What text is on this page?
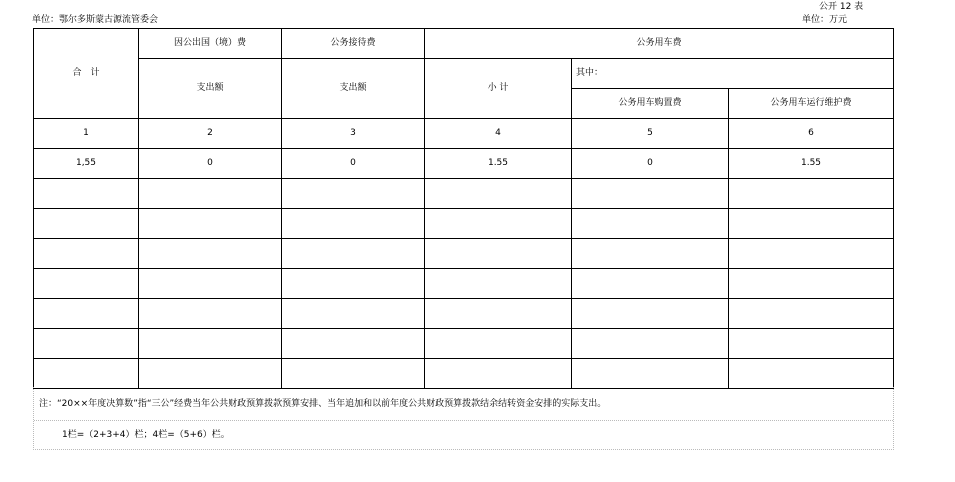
公开 12 表
单位：鄂尔多斯蒙古源流管委会	单位：万元
合　计	因公出国（境）费	公务接待费	公务用车费		
	支出额	支出额	小 计	其中：	
				公务用车购置费	公务用车运行维护费
1	2	3	4	5	6
1,55	0	0	1.55	0	1.55

注：“20××年度决算数”指“三公”经费当年公共财政预算拨款预算安排、当年追加和以前年度公共财政预算拨款结余结转资金安排的实际支出。
1栏=（2+3+4）栏；4栏=（5+6）栏。
